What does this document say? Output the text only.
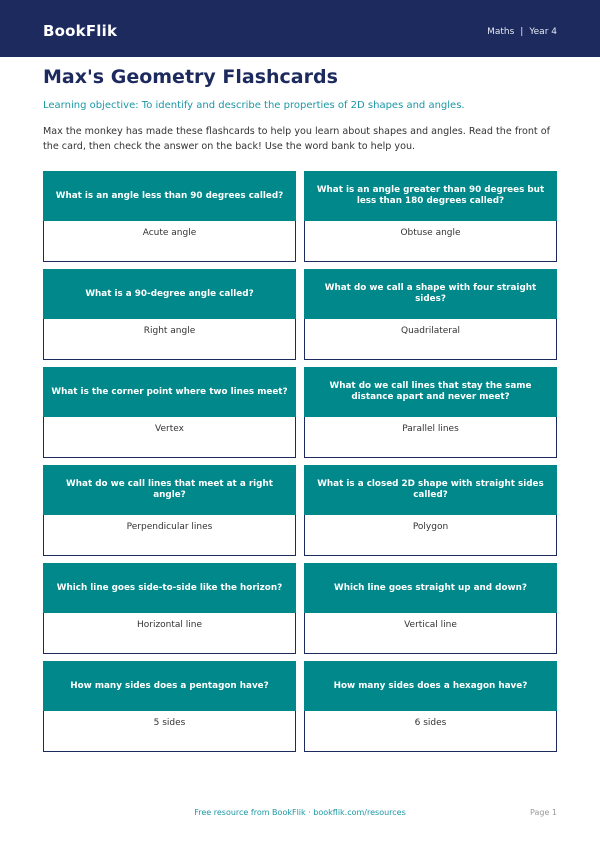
BookFlik	Maths | Year 4
Max's Geometry Flashcards

Learning objective: To identify and describe the properties of 2D shapes and angles.

Max the monkey has made these flashcards to help you learn about shapes and angles. Read the front of the card, then check the answer on the back! Use the word bank to help you.

What is an angle less than 90 degrees called?
Acute angle
What is an angle greater than 90 degrees but less than 180 degrees called?
Obtuse angle
What is a 90-degree angle called?
Right angle
What do we call a shape with four straight sides?
Quadrilateral
What is the corner point where two lines meet?
Vertex
What do we call lines that stay the same distance apart and never meet?
Parallel lines
What do we call lines that meet at a right angle?
Perpendicular lines
What is a closed 2D shape with straight sides called?
Polygon
Which line goes side-to-side like the horizon?
Horizontal line
Which line goes straight up and down?
Vertical line
How many sides does a pentagon have?
5 sides
How many sides does a hexagon have?
6 sides
Free resource from BookFlik · bookflik.com/resources	Page 1
